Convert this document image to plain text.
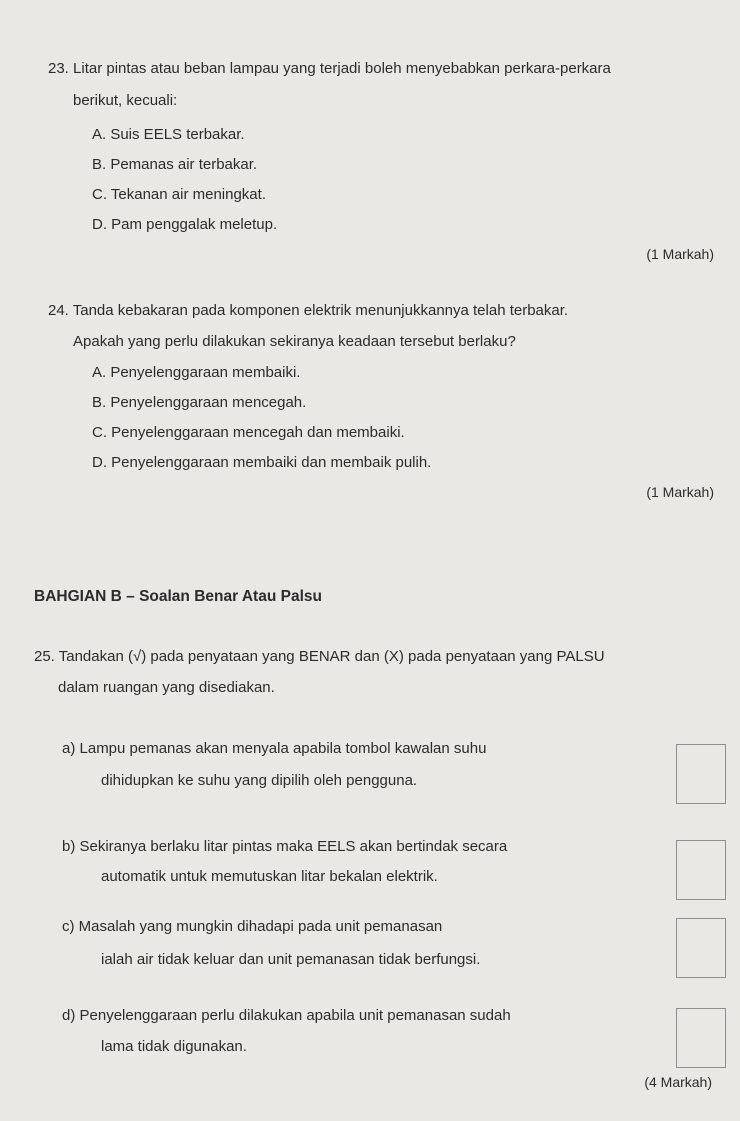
23. Litar pintas atau beban lampau yang terjadi boleh menyebabkan perkara-perkara
berikut, kecuali:
A. Suis EELS terbakar.
B. Pemanas air terbakar.
C. Tekanan air meningkat.
D. Pam penggalak meletup.
(1 Markah)
24. Tanda kebakaran pada komponen elektrik menunjukkannya telah terbakar.
Apakah yang perlu dilakukan sekiranya keadaan tersebut berlaku?
A. Penyelenggaraan membaiki.
B. Penyelenggaraan mencegah.
C. Penyelenggaraan mencegah dan membaiki.
D. Penyelenggaraan membaiki dan membaik pulih.
(1 Markah)
BAHGIAN B – Soalan Benar Atau Palsu
25. Tandakan (√) pada penyataan yang BENAR dan (X) pada penyataan yang PALSU
dalam ruangan yang disediakan.
a) Lampu pemanas akan menyala apabila tombol kawalan suhu
dihidupkan ke suhu yang dipilih oleh pengguna.
b) Sekiranya berlaku litar pintas maka EELS akan bertindak secara
automatik untuk memutuskan litar bekalan elektrik.
c) Masalah yang mungkin dihadapi pada unit pemanasan
ialah air tidak keluar dan unit pemanasan tidak berfungsi.
d) Penyelenggaraan perlu dilakukan apabila unit pemanasan sudah
lama tidak digunakan.
(4 Markah)
